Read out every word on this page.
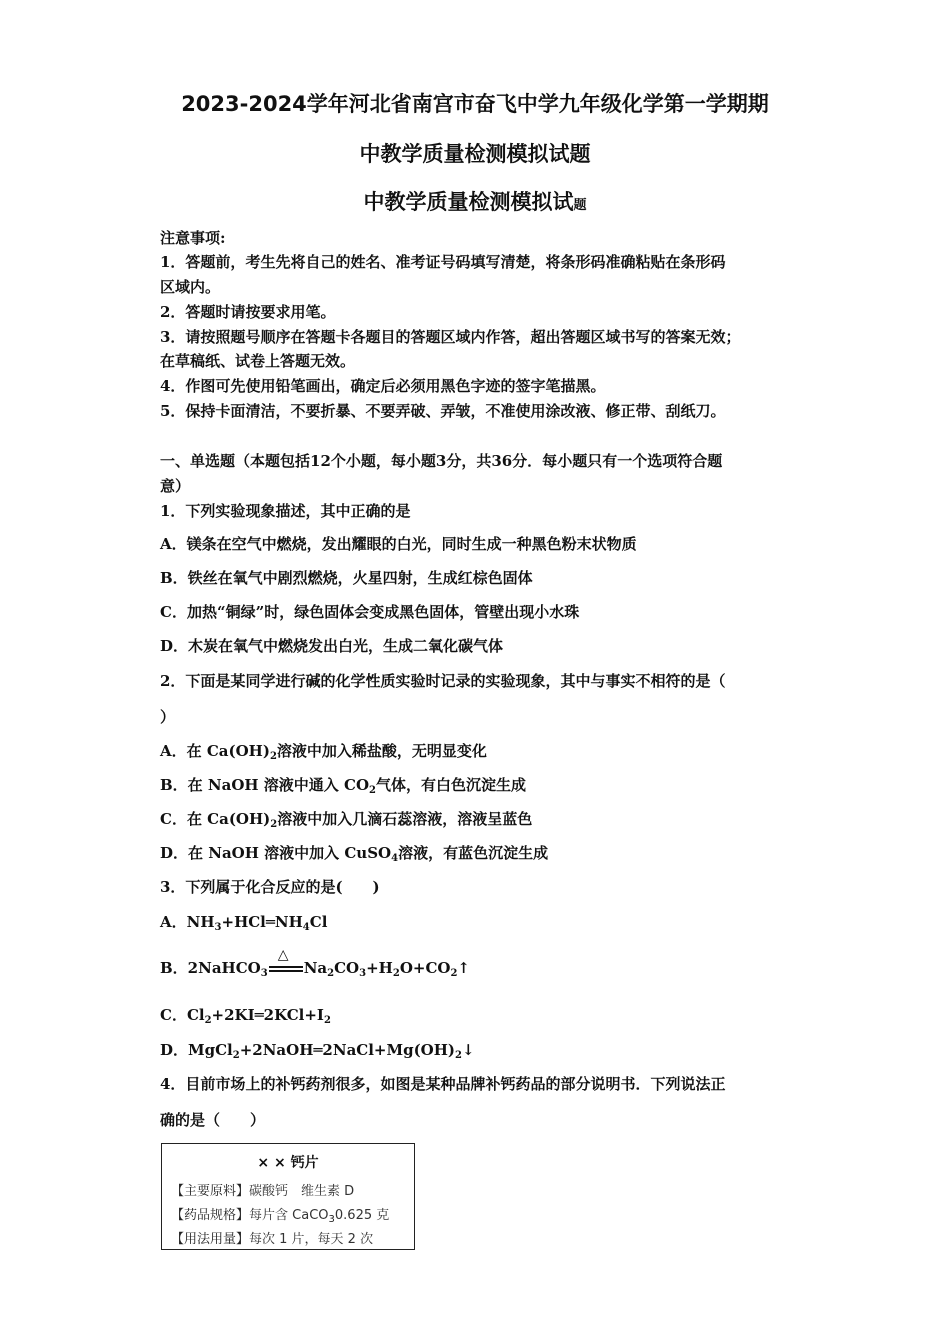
2023-2024学年河北省南宫市奋飞中学九年级化学第一学期期
中教学质量检测模拟试题
中教学质量检测模拟试题
注意事项:
1．答题前，考生先将自己的姓名、准考证号码填写清楚，将条形码准确粘贴在条形码
区域内。
2．答题时请按要求用笔。
3．请按照题号顺序在答题卡各题目的答题区域内作答，超出答题区域书写的答案无效；
在草稿纸、试卷上答题无效。
4．作图可先使用铅笔画出，确定后必须用黑色字迹的签字笔描黑。
5．保持卡面清洁，不要折暴、不要弄破、弄皱，不准使用涂改液、修正带、刮纸刀。
一、单选题（本题包括12个小题，每小题3分，共36分．每小题只有一个选项符合题
意）
1．下列实验现象描述，其中正确的是
A．镁条在空气中燃烧，发出耀眼的白光，同时生成一种黑色粉末状物质
B．铁丝在氧气中剧烈燃烧，火星四射，生成红棕色固体
C．加热“铜绿”时，绿色固体会变成黑色固体，管壁出现小水珠
D．木炭在氧气中燃烧发出白光，生成二氧化碳气体
2．下面是某同学进行碱的化学性质实验时记录的实验现象，其中与事实不相符的是（
）
A．在 $Ca(OH)_2$溶液中加入稀盐酸，无明显变化
B．在 NaOH 溶液中通入 $CO_2$气体，有白色沉淀生成
C．在 $Ca(OH)_2$溶液中加入几滴石蕊溶液，溶液呈蓝色
D．在 NaOH 溶液中加入 CuSO$_4$溶液，有蓝色沉淀生成
3．下列属于化合反应的是(　　)
A．$NH_3+HCl═NH_4Cl$
B．2NaHCO$_3$
△
$Na_2CO_3+H_2O+CO_2↑$
C．$Cl_2+2KI═2KCl+I_2$
D．$MgCl_2+2NaOH═2NaCl+Mg(OH)_2↓$
4．目前市场上的补钙药剂很多，如图是某种品牌补钙药品的部分说明书．下列说法正
确的是（　　）
× × 钙片
【主要原料】碳酸钙　维生素 D
【药品规格】每片含 CaCO$_3$0.625 克
【用法用量】每次 1 片，每天 2 次
